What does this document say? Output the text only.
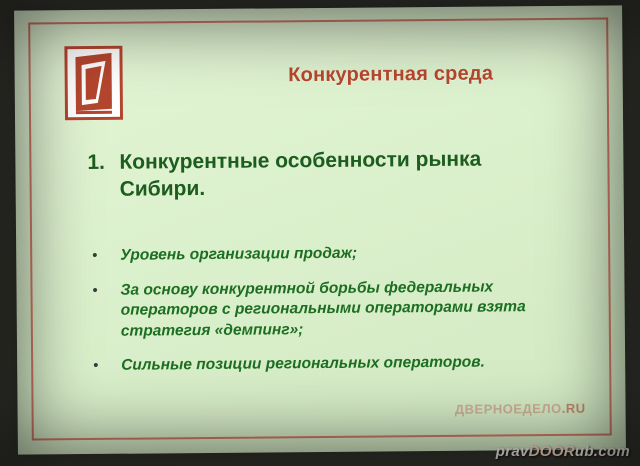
Конкурентная среда
1. Конкурентные особенности рынка Сибири.
•	Уровень организации продаж;
•	За основу конкурентной борьбы федеральных операторов с региональными операторами взята стратегия «демпинг»;
•	Сильные позиции региональных операторов.
ДВЕРНОЕДЕЛО.RU
pravDOORub.com
